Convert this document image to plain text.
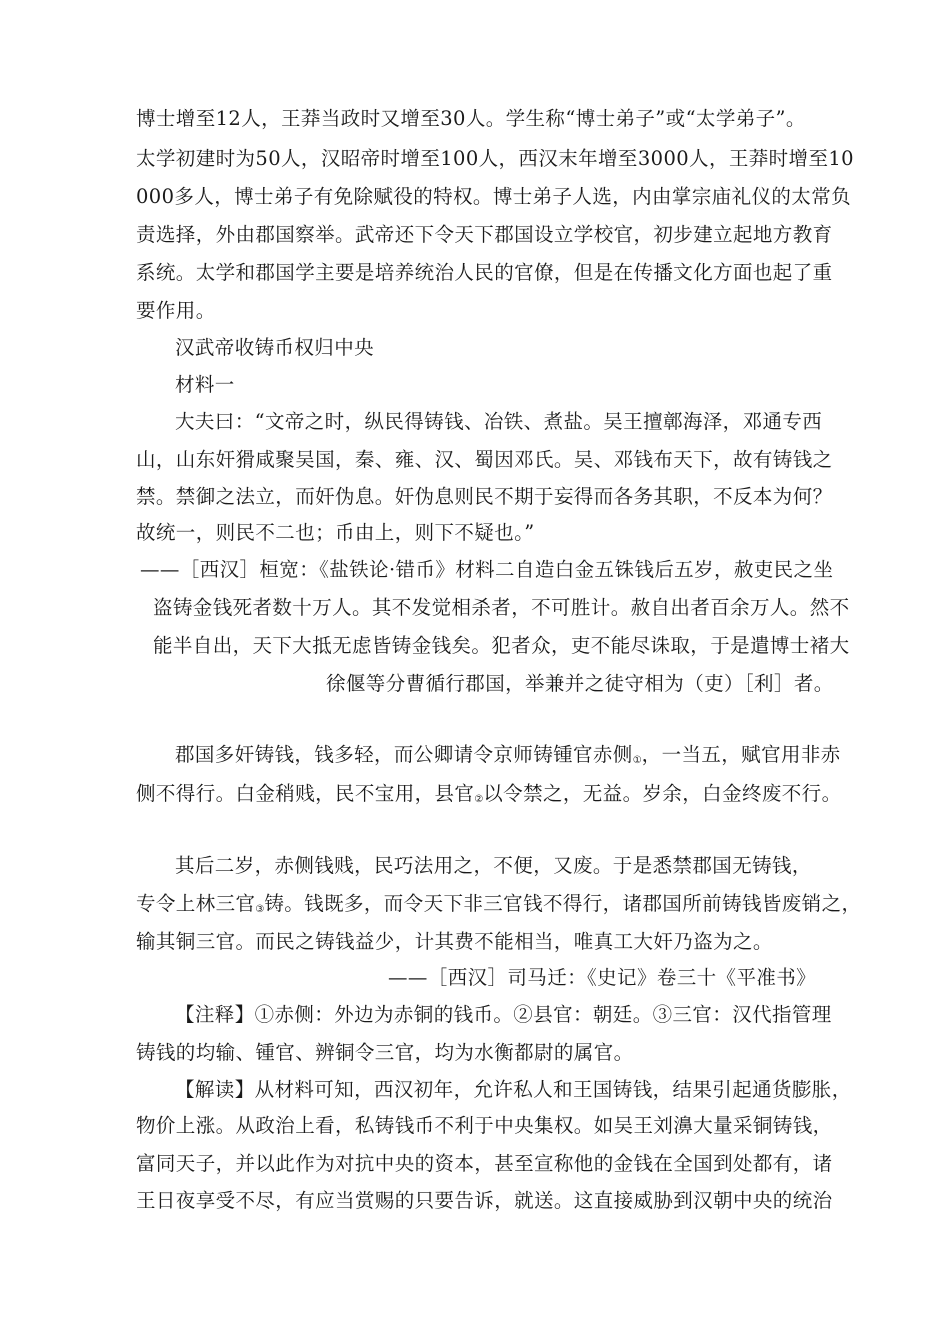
博士增至12人，王莽当政时又增至30人。学生称“博士弟子”或“太学弟子”。
太学初建时为50人，汉昭帝时增至100人，西汉末年增至3000人，王莽时增至10
000多人，博士弟子有免除赋役的特权。博士弟子人选，内由掌宗庙礼仪的太常负
责选择，外由郡国察举。武帝还下令天下郡国设立学校官，初步建立起地方教育
系统。太学和郡国学主要是培养统治人民的官僚，但是在传播文化方面也起了重
要作用。
汉武帝收铸币权归中央
材料一
大夫曰：“文帝之时，纵民得铸钱、冶铁、煮盐。吴王擅鄣海泽，邓通专西
山，山东奸猾咸聚吴国，秦、雍、汉、蜀因邓氏。吴、邓钱布天下，故有铸钱之
禁。禁御之法立，而奸伪息。奸伪息则民不期于妄得而各务其职，不反本为何？
故统一，则民不二也；币由上，则下不疑也。”
——［西汉］桓宽：《盐铁论·错币》材料二自造白金五铢钱后五岁，赦吏民之坐
盗铸金钱死者数十万人。其不发觉相杀者，不可胜计。赦自出者百余万人。然不
能半自出，天下大抵无虑皆铸金钱矣。犯者众，吏不能尽诛取，于是遣博士褚大
徐偃等分曹循行郡国，举兼并之徒守相为（吏）［利］者。
郡国多奸铸钱，钱多轻，而公卿请令京师铸锺官赤侧$_①$，一当五，赋官用非赤
侧不得行。白金稍贱，民不宝用，县官$_②$以令禁之，无益。岁余，白金终废不行。
其后二岁，赤侧钱贱，民巧法用之，不便，又废。于是悉禁郡国无铸钱，
专令上林三官$_③$铸。钱既多，而令天下非三官钱不得行，诸郡国所前铸钱皆废销之，
输其铜三官。而民之铸钱益少，计其费不能相当，唯真工大奸乃盗为之。
——［西汉］司马迁：《史记》卷三十《平准书》
【注释】①赤侧：外边为赤铜的钱币。②县官：朝廷。③三官：汉代指管理
铸钱的均输、锺官、辨铜令三官，均为水衡都尉的属官。
【解读】从材料可知，西汉初年，允许私人和王国铸钱，结果引起通货膨胀，
物价上涨。从政治上看，私铸钱币不利于中央集权。如吴王刘濞大量采铜铸钱，
富同天子，并以此作为对抗中央的资本，甚至宣称他的金钱在全国到处都有，诸
王日夜享受不尽，有应当赏赐的只要告诉，就送。这直接威胁到汉朝中央的统治
